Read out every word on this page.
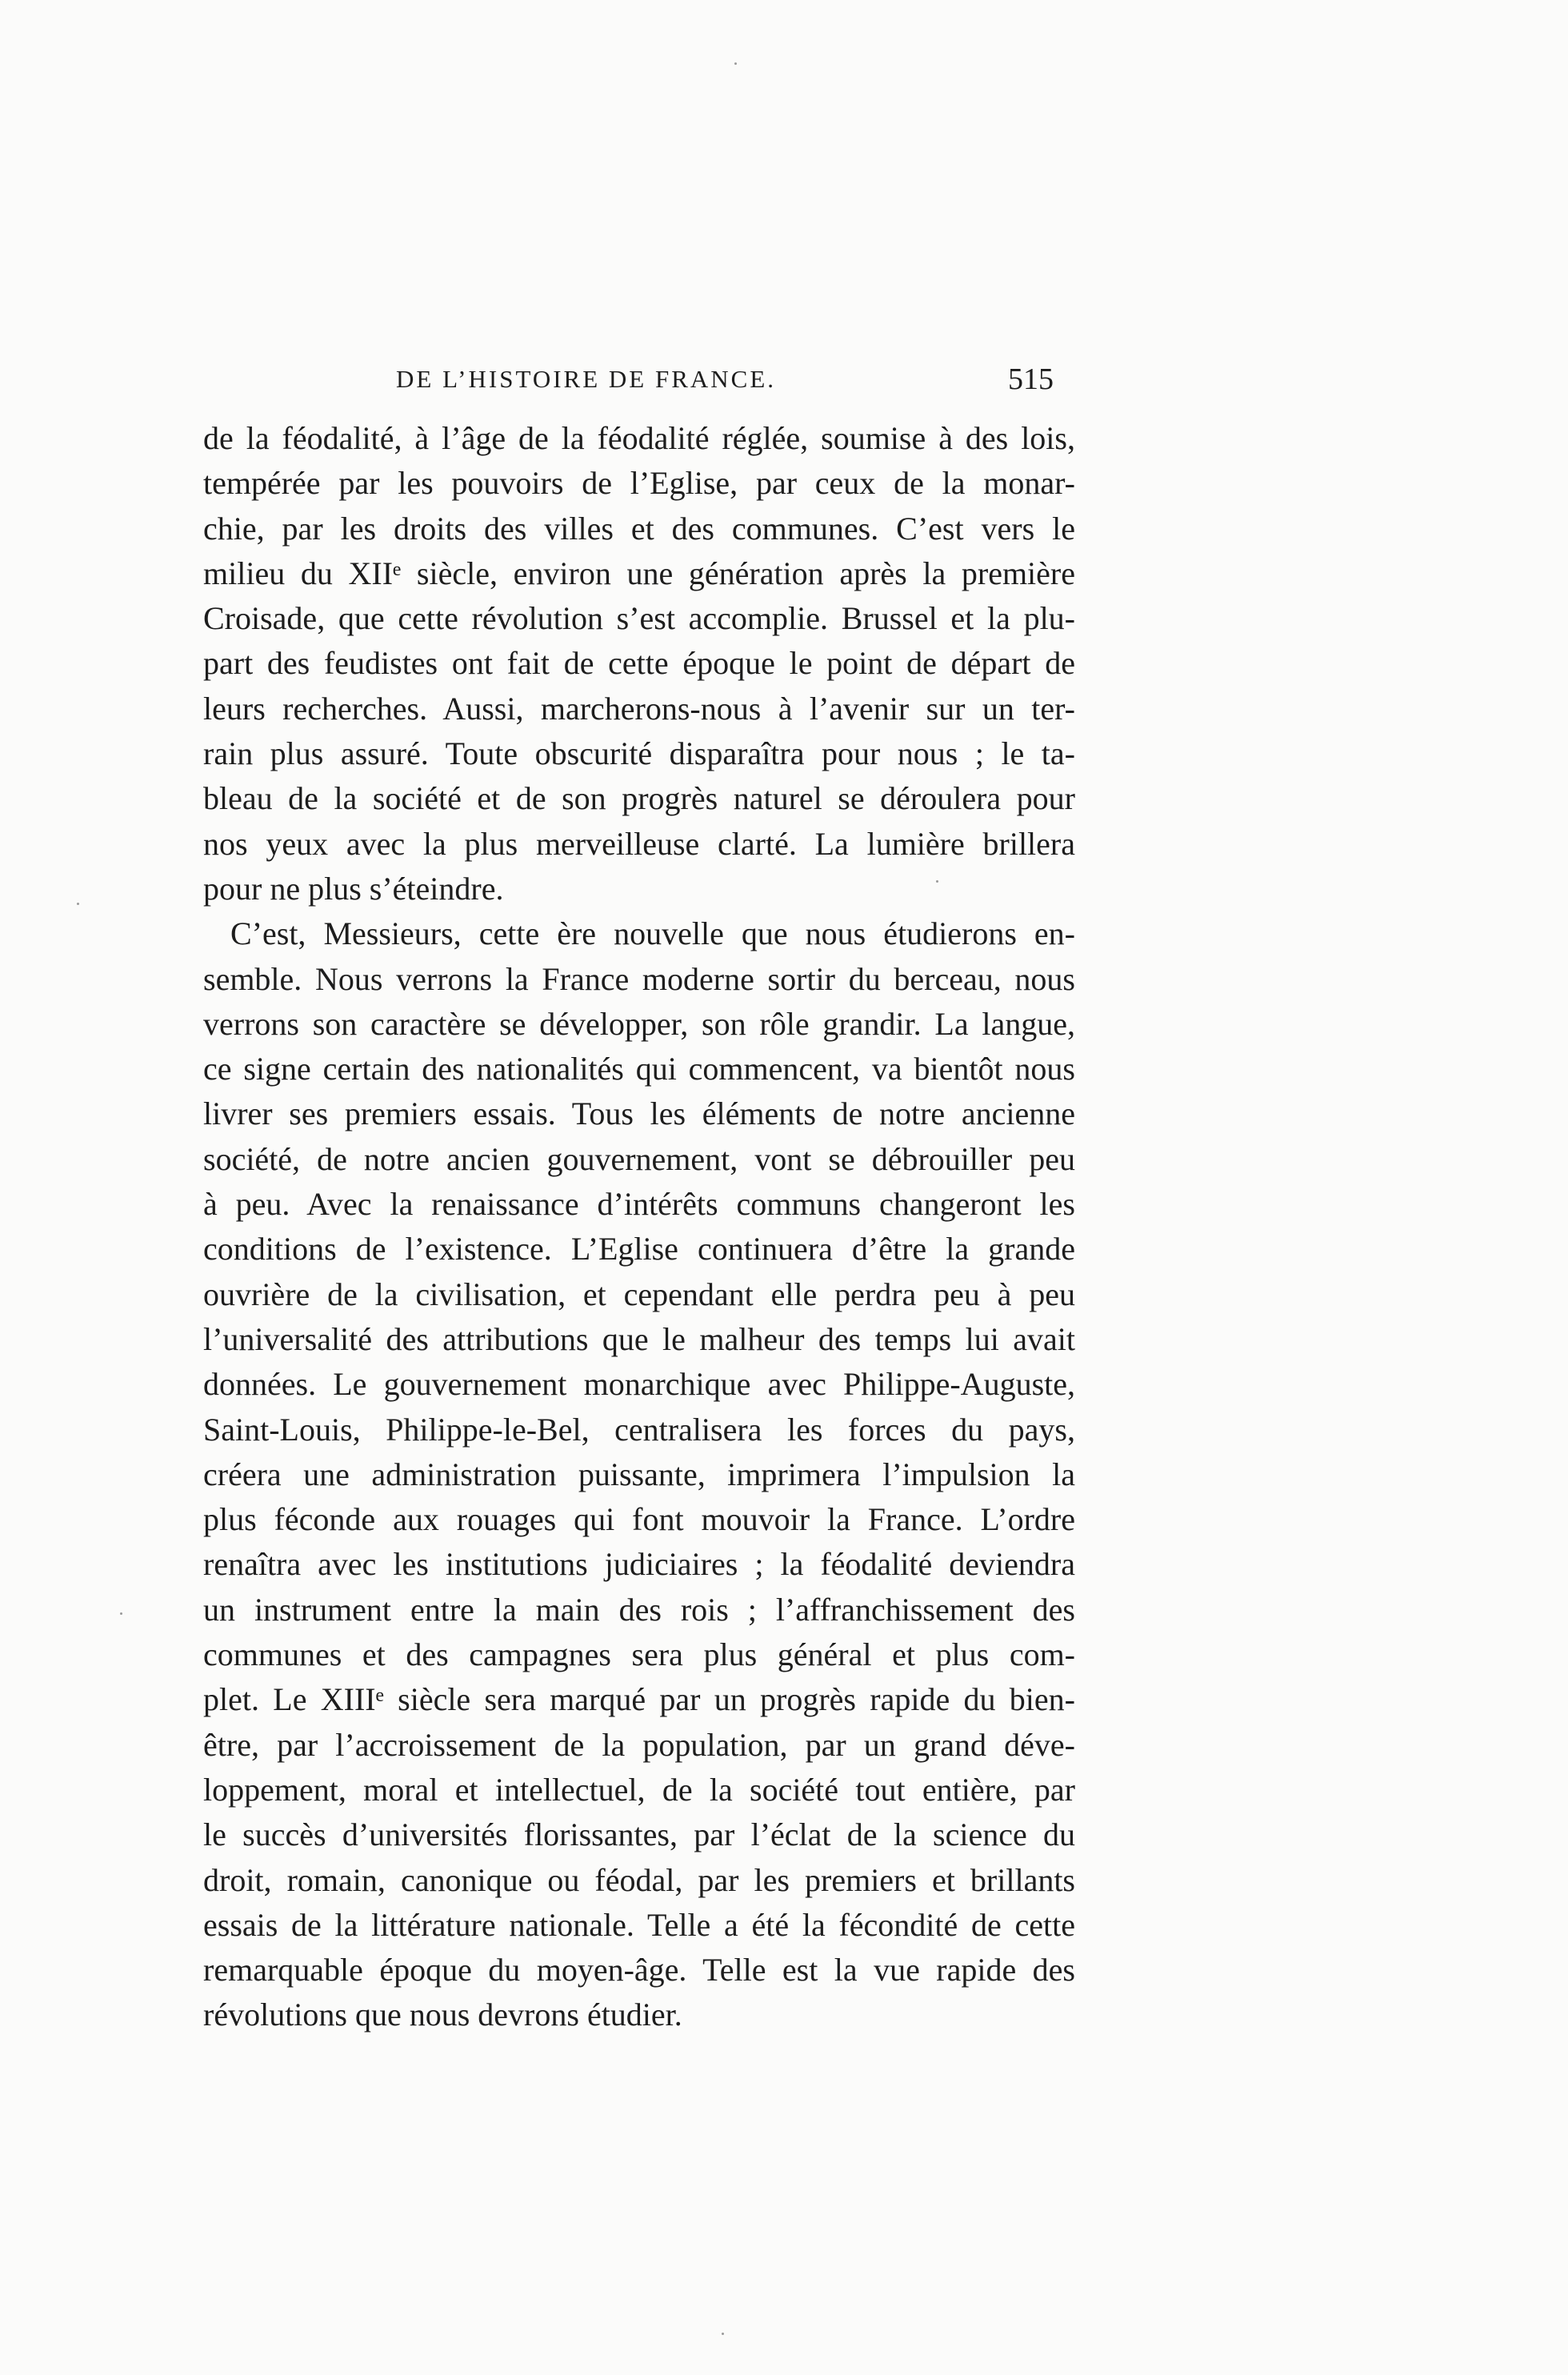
DE L’HISTOIRE DE FRANCE.	515

de la féodalité, à l’âge de la féodalité réglée, soumise à des lois,
tempérée par les pouvoirs de l’Eglise, par ceux de la monar-
chie, par les droits des villes et des communes. C’est vers le
milieu du XIIᵉ siècle, environ une génération après la première
Croisade, que cette révolution s’est accomplie. Brussel et la plu-
part des feudistes ont fait de cette époque le point de départ de
leurs recherches. Aussi, marcherons-nous à l’avenir sur un ter-
rain plus assuré. Toute obscurité disparaîtra pour nous ; le ta-
bleau de la société et de son progrès naturel se déroulera pour
nos yeux avec la plus merveilleuse clarté. La lumière brillera
pour ne plus s’éteindre.

C’est, Messieurs, cette ère nouvelle que nous étudierons en-
semble. Nous verrons la France moderne sortir du berceau, nous
verrons son caractère se développer, son rôle grandir. La langue,
ce signe certain des nationalités qui commencent, va bientôt nous
livrer ses premiers essais. Tous les éléments de notre ancienne
société, de notre ancien gouvernement, vont se débrouiller peu
à peu. Avec la renaissance d’intérêts communs changeront les
conditions de l’existence. L’Eglise continuera d’être la grande
ouvrière de la civilisation, et cependant elle perdra peu à peu
l’universalité des attributions que le malheur des temps lui avait
données. Le gouvernement monarchique avec Philippe-Auguste,
Saint-Louis, Philippe-le-Bel, centralisera les forces du pays,
créera une administration puissante, imprimera l’impulsion la
plus féconde aux rouages qui font mouvoir la France. L’ordre
renaîtra avec les institutions judiciaires ; la féodalité deviendra
un instrument entre la main des rois ; l’affranchissement des
communes et des campagnes sera plus général et plus com-
plet. Le XIIIᵉ siècle sera marqué par un progrès rapide du bien-
être, par l’accroissement de la population, par un grand déve-
loppement, moral et intellectuel, de la société tout entière, par
le succès d’universités florissantes, par l’éclat de la science du
droit, romain, canonique ou féodal, par les premiers et brillants
essais de la littérature nationale. Telle a été la fécondité de cette
remarquable époque du moyen-âge. Telle est la vue rapide des
révolutions que nous devrons étudier.
